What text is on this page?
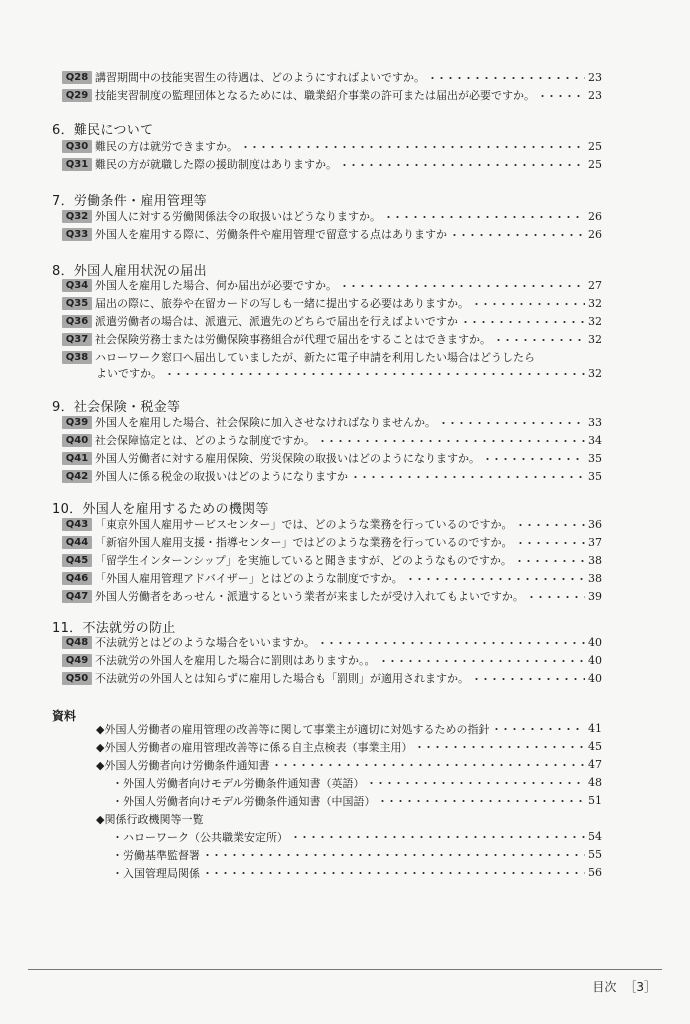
Q28 講習期間中の技能実習生の待遇は、どのようにすればよいですか。	23
Q29 技能実習制度の監理団体となるためには、職業紹介事業の許可または届出が必要ですか。	23
6．難民について
Q30 難民の方は就労できますか。	25
Q31 難民の方が就職した際の援助制度はありますか。	25
7．労働条件・雇用管理等
Q32 外国人に対する労働関係法令の取扱いはどうなりますか。	26
Q33 外国人を雇用する際に、労働条件や雇用管理で留意する点はありますか	26
8．外国人雇用状況の届出
Q34 外国人を雇用した場合、何か届出が必要ですか。	27
Q35 届出の際に、旅券や在留カードの写しも一緒に提出する必要はありますか。	32
Q36 派遣労働者の場合は、派遣元、派遣先のどちらで届出を行えばよいですか	32
Q37 社会保険労務士または労働保険事務組合が代理で届出をすることはできますか。	32
Q38 ハローワーク窓口へ届出していましたが、新たに電子申請を利用したい場合はどうしたら
よいですか。	32
9．社会保険・税金等
Q39 外国人を雇用した場合、社会保険に加入させなければなりませんか。	33
Q40 社会保障協定とは、どのような制度ですか。	34
Q41 外国人労働者に対する雇用保険、労災保険の取扱いはどのようになりますか。	35
Q42 外国人に係る税金の取扱いはどのようになりますか	35
10．外国人を雇用するための機関等
Q43 「東京外国人雇用サービスセンター」では、どのような業務を行っているのですか。	36
Q44 「新宿外国人雇用支援・指導センター」ではどのような業務を行っているのですか。	37
Q45 「留学生インターンシップ」を実施していると聞きますが、どのようなものですか。	38
Q46 「外国人雇用管理アドバイザー」とはどのような制度ですか。	38
Q47 外国人労働者をあっせん・派遣するという業者が来ましたが受け入れてもよいですか。	39
11．不法就労の防止
Q48 不法就労とはどのような場合をいいますか。	40
Q49 不法就労の外国人を雇用した場合に罰則はありますか。。	40
Q50 不法就労の外国人とは知らずに雇用した場合も「罰則」が適用されますか。	40
資料
◆外国人労働者の雇用管理の改善等に関して事業主が適切に対処するための指針	41
◆外国人労働者の雇用管理改善等に係る自主点検表（事業主用）	45
◆外国人労働者向け労働条件通知書	47
・外国人労働者向けモデル労働条件通知書（英語）	48
・外国人労働者向けモデル労働条件通知書（中国語）	51
◆関係行政機関等一覧
・ハローワーク（公共職業安定所）	54
・労働基準監督署	55
・入国管理局関係	56
目次 ［3］
